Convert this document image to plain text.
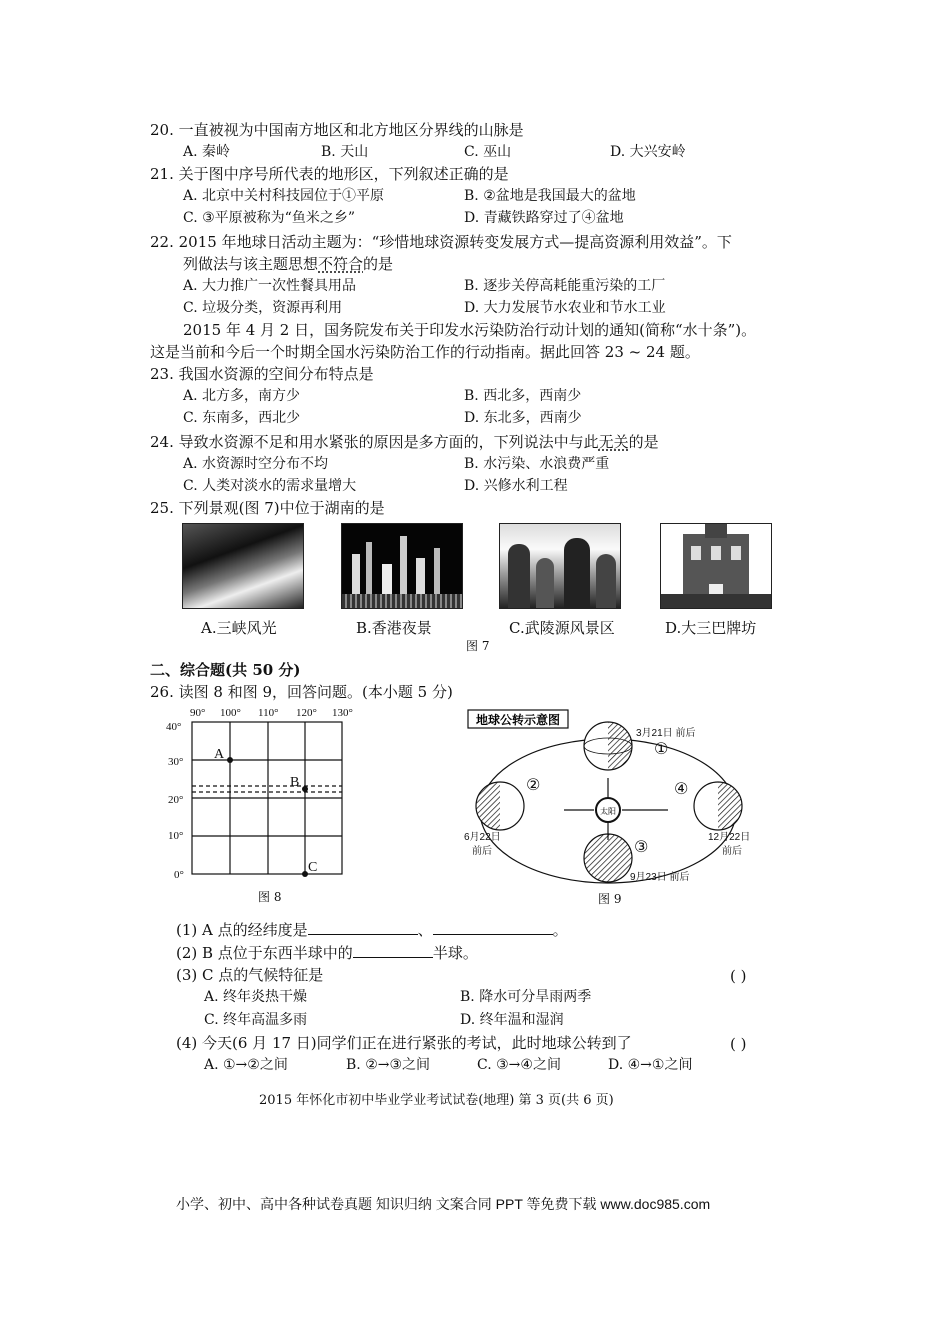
20. 一直被视为中国南方地区和北方地区分界线的山脉是
A. 秦岭	B. 天山	C. 巫山	D. 大兴安岭
21. 关于图中序号所代表的地形区，下列叙述正确的是
A. 北京中关村科技园位于①平原	B. ②盆地是我国最大的盆地
C. ③平原被称为“鱼米之乡”	D. 青藏铁路穿过了④盆地
22. 2015 年地球日活动主题为：“珍惜地球资源转变发展方式—提高资源利用效益”。下
列做法与该主题思想不符合的是
A. 大力推广一次性餐具用品	B. 逐步关停高耗能重污染的工厂
C. 垃圾分类，资源再利用	D. 大力发展节水农业和节水工业
2015 年 4 月 2 日，国务院发布关于印发水污染防治行动计划的通知(简称“水十条”)。
这是当前和今后一个时期全国水污染防治工作的行动指南。据此回答 23 ~ 24 题。
23. 我国水资源的空间分布特点是
A. 北方多，南方少	B. 西北多，西南少
C. 东南多，西北少	D. 东北多，西南少
24. 导致水资源不足和用水紧张的原因是多方面的，下列说法中与此无关的是
A. 水资源时空分布不均	B. 水污染、水浪费严重
C. 人类对淡水的需求量增大	D. 兴修水利工程
25. 下列景观(图 7)中位于湖南的是
A.三峡风光	B.香港夜景	C.武陵源风景区	D.大三巴牌坊
图 7
二、综合题(共 50 分)
26. 读图 8 和图 9，回答问题。(本小题 5 分)
90° 100° 110° 120° 130°
40°
30°
20°
10°
0°
A
B
C
图 8
地球公转示意图
太阳
①
②
③
④
3月21日 前后
6月22日
前后
12月22日
前后
9月23日 前后
图 9
(1) A 点的经纬度是	、	。
(2) B 点位于东西半球中的	半球。
(3) C 点的气候特征是	( )
A. 终年炎热干燥	B. 降水可分旱雨两季
C. 终年高温多雨	D. 终年温和湿润
(4) 今天(6 月 17 日)同学们正在进行紧张的考试，此时地球公转到了	( )
A. ①→②之间	B. ②→③之间	C. ③→④之间	D. ④→①之间
2015 年怀化市初中毕业学业考试试卷(地理) 第 3 页(共 6 页)
小学、初中、高中各种试卷真题 知识归纳 文案合同 PPT 等免费下载 www.doc985.com
